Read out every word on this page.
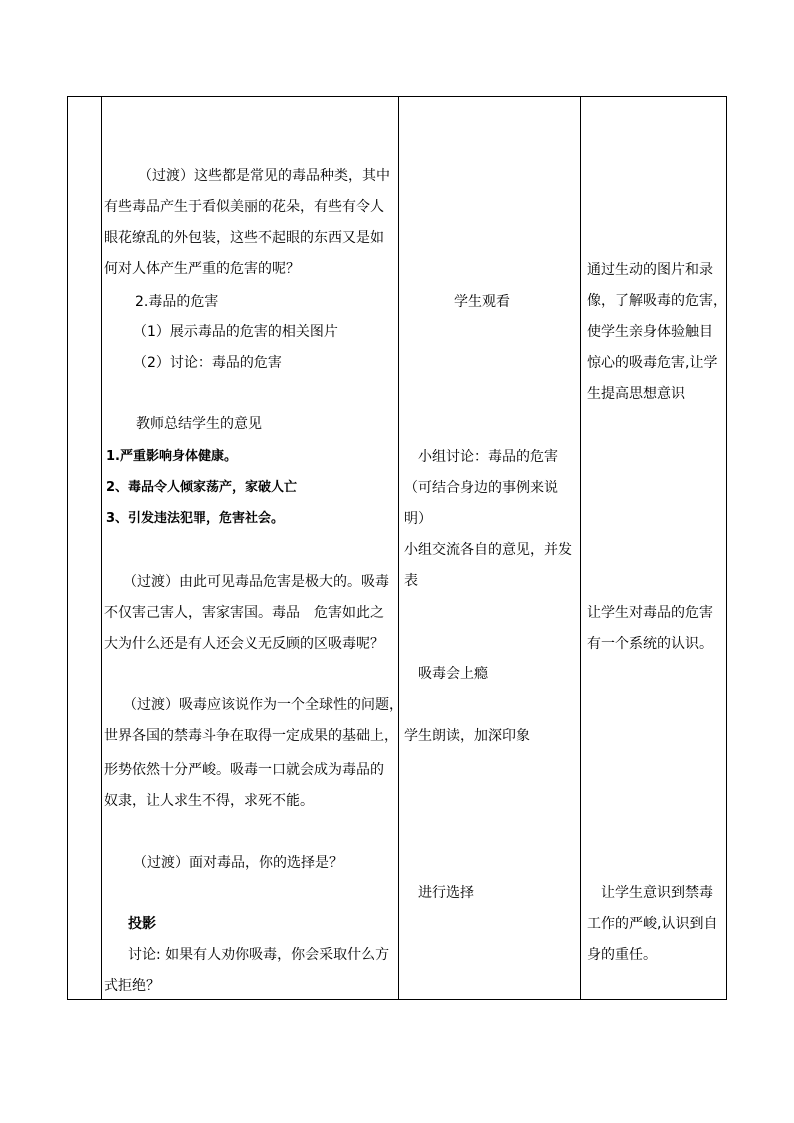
（过渡）这些都是常见的毒品种类，其中
有些毒品产生于看似美丽的花朵，有些有令人
眼花缭乱的外包装，这些不起眼的东西又是如
何对人体产生严重的危害的呢？
2.毒品的危害
（1）展示毒品的危害的相关图片
（2）讨论：毒品的危害
教师总结学生的意见
1.严重影响身体健康。
2、毒品令人倾家荡产，家破人亡
3、引发违法犯罪，危害社会。
（过渡）由此可见毒品危害是极大的。吸毒
不仅害己害人，害家害国。毒品　危害如此之
大为什么还是有人还会义无反顾的区吸毒呢？
（过渡）吸毒应该说作为一个全球性的问题，
世界各国的禁毒斗争在取得一定成果的基础上，
形势依然十分严峻。吸毒一口就会成为毒品的
奴隶，让人求生不得，求死不能。
（过渡）面对毒品，你的选择是？
投影
讨论: 如果有人劝你吸毒，你会采取什么方
式拒绝？
学生观看
小组讨论：毒品的危害
（可结合身边的事例来说
明）
小组交流各自的意见，并发
表
吸毒会上瘾
学生朗读，加深印象
进行选择
通过生动的图片和录
像，了解吸毒的危害，
使学生亲身体验触目
惊心的吸毒危害,让学
生提高思想意识
让学生对毒品的危害
有一个系统的认识。
让学生意识到禁毒
工作的严峻,认识到自
身的重任。
